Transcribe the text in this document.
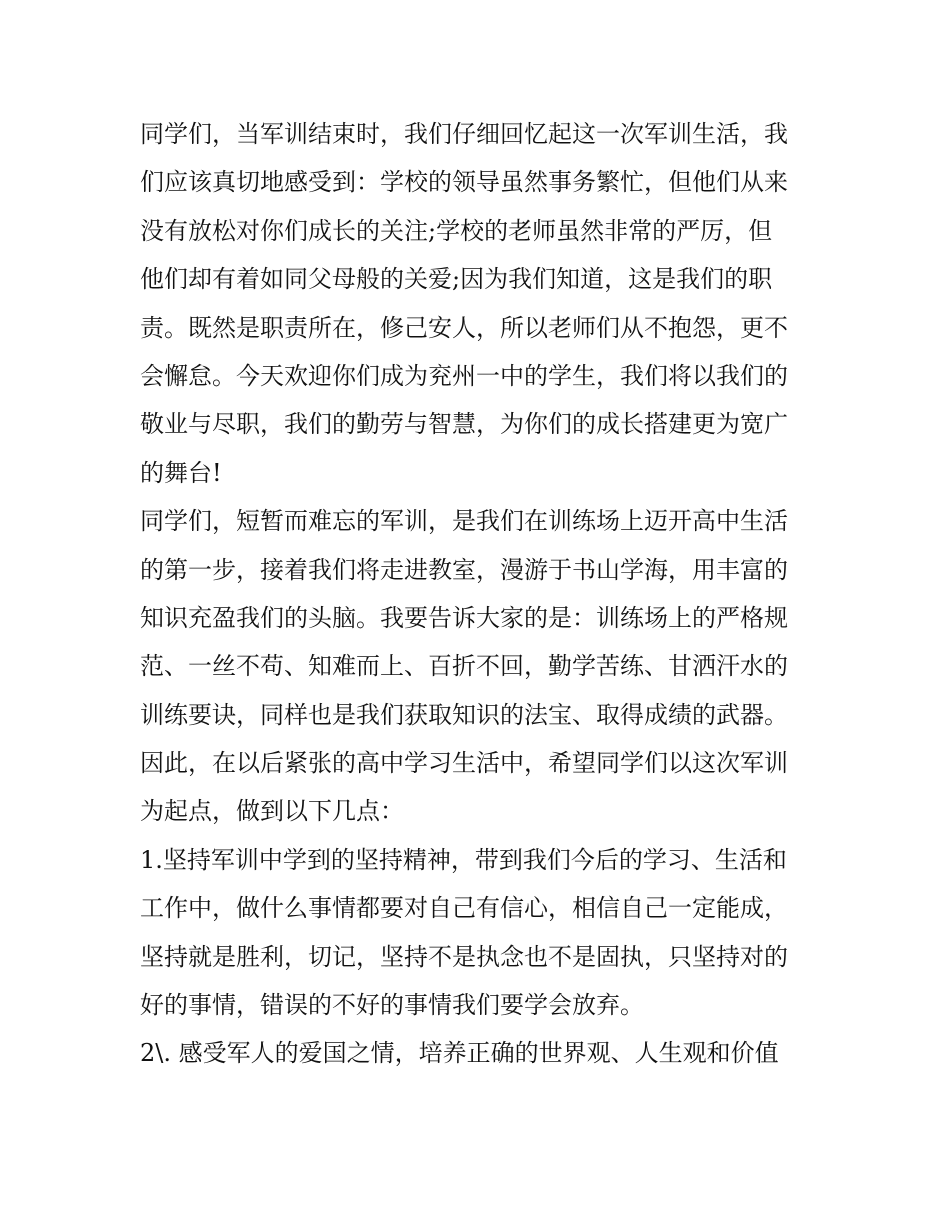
同学们，当军训结束时，我们仔细回忆起这一次军训生活，我
们应该真切地感受到：学校的领导虽然事务繁忙，但他们从来
没有放松对你们成长的关注;学校的老师虽然非常的严厉，但
他们却有着如同父母般的关爱;因为我们知道，这是我们的职
责。既然是职责所在，修己安人，所以老师们从不抱怨，更不
会懈怠。今天欢迎你们成为兖州一中的学生，我们将以我们的
敬业与尽职，我们的勤劳与智慧，为你们的成长搭建更为宽广
的舞台!

同学们，短暂而难忘的军训，是我们在训练场上迈开高中生活
的第一步，接着我们将走进教室，漫游于书山学海，用丰富的
知识充盈我们的头脑。我要告诉大家的是：训练场上的严格规
范、一丝不苟、知难而上、百折不回，勤学苦练、甘洒汗水的
训练要诀，同样也是我们获取知识的法宝、取得成绩的武器。
因此，在以后紧张的高中学习生活中，希望同学们以这次军训
为起点，做到以下几点：

1.坚持军训中学到的坚持精神，带到我们今后的学习、生活和
工作中，做什么事情都要对自己有信心，相信自己一定能成，
坚持就是胜利，切记，坚持不是执念也不是固执，只坚持对的
好的事情，错误的不好的事情我们要学会放弃。

2\. 感受军人的爱国之情，培养正确的世界观、人生观和价值
